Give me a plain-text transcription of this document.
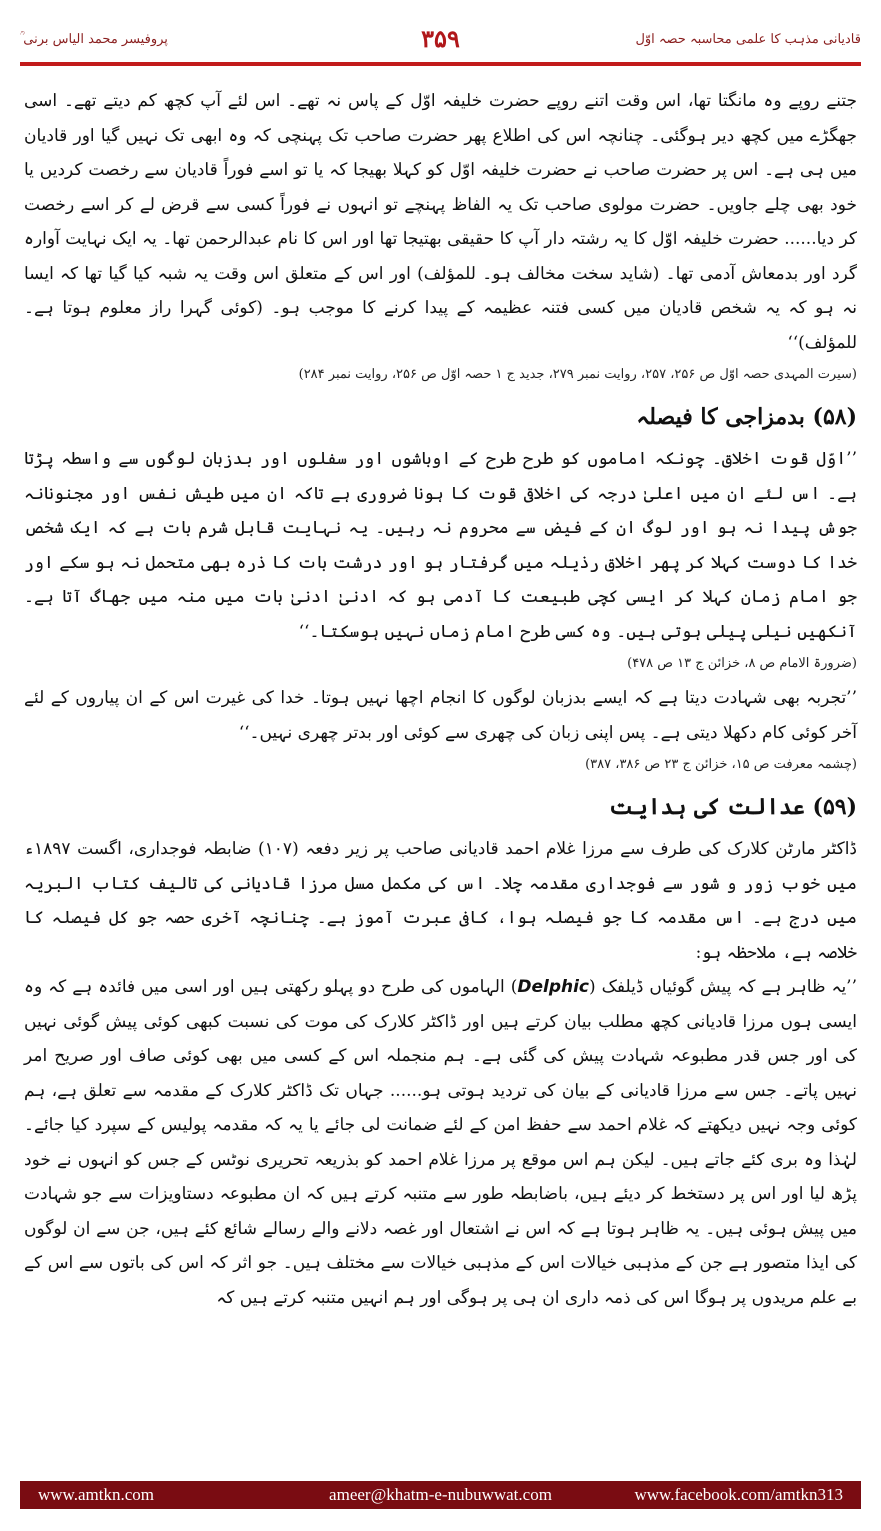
قادیانی مذہب کا علمی محاسبہ حصہ اوّل
۳۵۹
پروفیسر محمد الیاس برنی ؒ

جتنے روپے وہ مانگتا تھا، اس وقت اتنے روپے حضرت خلیفہ اوّل کے پاس نہ تھے۔ اس لئے آپ کچھ کم دیتے تھے۔ اسی جھگڑے میں کچھ دیر ہوگئی۔ چنانچہ اس کی اطلاع پھر حضرت صاحب تک پہنچی کہ وہ ابھی تک نہیں گیا اور قادیان میں ہی ہے۔ اس پر حضرت صاحب نے حضرت خلیفہ اوّل کو کہلا بھیجا کہ یا تو اسے فوراً قادیان سے رخصت کردیں یا خود بھی چلے جاویں۔ حضرت مولوی صاحب تک یہ الفاظ پہنچے تو انہوں نے فوراً کسی سے قرض لے کر اسے رخصت کر دیا...... حضرت خلیفہ اوّل کا یہ رشتہ دار آپ کا حقیقی بھتیجا تھا اور اس کا نام عبدالرحمن تھا۔ یہ ایک نہایت آوارہ گرد اور بدمعاش آدمی تھا۔ (شاید سخت مخالف ہو۔ للمؤلف) اور اس کے متعلق اس وقت یہ شبہ کیا گیا تھا کہ ایسا نہ ہو کہ یہ شخص قادیان میں کسی فتنہ عظیمہ کے پیدا کرنے کا موجب ہو۔ (کوئی گہرا راز معلوم ہوتا ہے۔ للمؤلف)‘‘

(سیرت المہدی حصہ اوّل ص ۲۵۶، ۲۵۷، روایت نمبر ۲۷۹، جدید ج ۱ حصہ اوّل ص ۲۵۶، روایت نمبر ۲۸۴)
(۵۸) بدمزاجی کا فیصلہ

’’اوّل قوت اخلاق۔ چونکہ اماموں کو طرح طرح کے اوباشوں اور سفلوں اور بدزبان لوگوں سے واسطہ پڑتا ہے۔ اس لئے ان میں اعلیٰ درجہ کی اخلاقی قوت کا ہونا ضروری ہے تاکہ ان میں طیش نفس اور مجنونانہ جوش پیدا نہ ہو اور لوگ ان کے فیض سے محروم نہ رہیں۔ یہ نہایت قابل شرم بات ہے کہ ایک شخص خدا کا دوست کہلا کر پھر اخلاق رذیلہ میں گرفتار ہو اور درشت بات کا ذرہ بھی متحمل نہ ہو سکے اور جو امام زمان کہلا کر ایسی کچی طبیعت کا آدمی ہو کہ ادنیٰ ادنیٰ بات میں منہ میں جھاگ آتا ہے۔ آنکھیں نیلی پیلی ہوتی ہیں۔ وہ کسی طرح امام زماں نہیں ہوسکتا۔‘‘

(ضرورۃ الامام ص ۸، خزائن ج ۱۳ ص ۴۷۸)

’’تجربہ بھی شہادت دیتا ہے کہ ایسے بدزبان لوگوں کا انجام اچھا نہیں ہوتا۔ خدا کی غیرت اس کے ان پیاروں کے لئے آخر کوئی کام دکھلا دیتی ہے۔ پس اپنی زبان کی چھری سے کوئی اور بدتر چھری نہیں۔‘‘

(چشمہ معرفت ص ۱۵، خزائن ج ۲۳ ص ۳۸۶، ۳۸۷)
(۵۹) عدالت کی ہدایت

ڈاکٹر مارٹن کلارک کی طرف سے مرزا غلام احمد قادیانی صاحب پر زیر دفعہ (۱۰۷) ضابطہ فوجداری، اگست ۱۸۹۷ء میں خوب زور و شور سے فوجداری مقدمہ چلا۔ اس کی مکمل مسل مرزا قادیانی کی تالیف کتاب البریہ میں درج ہے۔ اس مقدمہ کا جو فیصلہ ہوا، کافی عبرت آموز ہے۔ چنانچہ آخری حصہ جو کل فیصلہ کا خلاصہ ہے، ملاحظہ ہو:

’’یہ ظاہر ہے کہ پیش گوئیاں ڈیلفک (Delphic) الہاموں کی طرح دو پہلو رکھتی ہیں اور اسی میں فائدہ ہے کہ وہ ایسی ہوں مرزا قادیانی کچھ مطلب بیان کرتے ہیں اور ڈاکٹر کلارک کی موت کی نسبت کبھی کوئی پیش گوئی نہیں کی اور جس قدر مطبوعہ شہادت پیش کی گئی ہے۔ ہم منجملہ اس کے کسی میں بھی کوئی صاف اور صریح امر نہیں پاتے۔ جس سے مرزا قادیانی کے بیان کی تردید ہوتی ہو...... جہاں تک ڈاکٹر کلارک کے مقدمہ سے تعلق ہے، ہم کوئی وجہ نہیں دیکھتے کہ غلام احمد سے حفظ امن کے لئے ضمانت لی جائے یا یہ کہ مقدمہ پولیس کے سپرد کیا جائے۔ لہٰذا وہ بری کئے جاتے ہیں۔ لیکن ہم اس موقع پر مرزا غلام احمد کو بذریعہ تحریری نوٹس کے جس کو انہوں نے خود پڑھ لیا اور اس پر دستخط کر دیئے ہیں، باضابطہ طور سے متنبہ کرتے ہیں کہ ان مطبوعہ دستاویزات سے جو شہادت میں پیش ہوئی ہیں۔ یہ ظاہر ہوتا ہے کہ اس نے اشتعال اور غصہ دلانے والے رسالے شائع کئے ہیں، جن سے ان لوگوں کی ایذا متصور ہے جن کے مذہبی خیالات اس کے مذہبی خیالات سے مختلف ہیں۔ جو اثر کہ اس کی باتوں سے اس کے بے علم مریدوں پر ہوگا اس کی ذمہ داری ان ہی پر ہوگی اور ہم انہیں متنبہ کرتے ہیں کہ

www.amtkn.com	ameer@khatm-e-nubuwwat.com	www.facebook.com/amtkn313
